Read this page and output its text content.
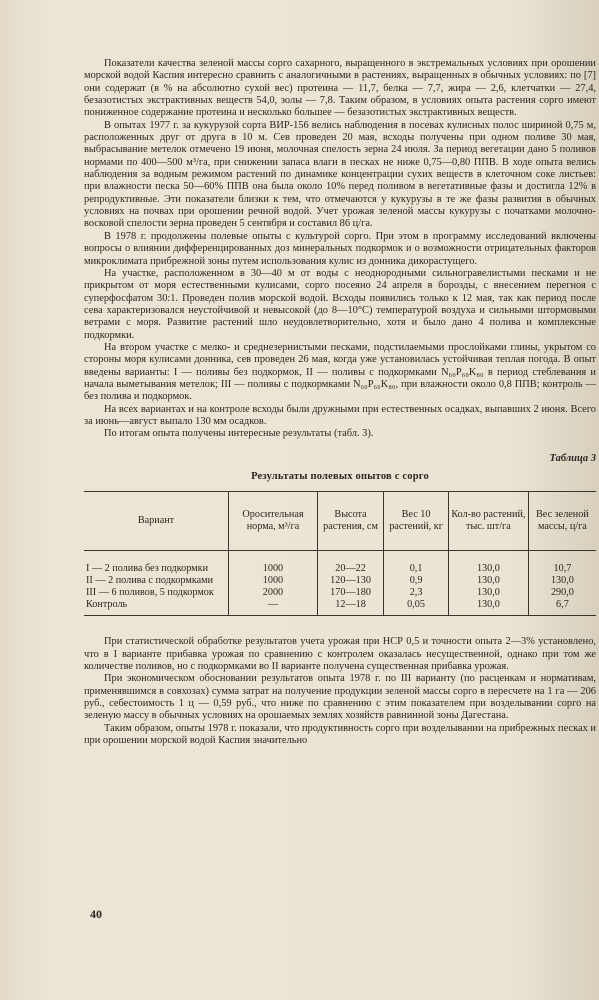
Показатели качества зеленой массы сорго сахарного, выращенного в экстремальных условиях при орошении морской водой Каспия интересно сравнить с аналогичными в растениях, выращенных в обычных условиях: по [7] они содержат (в % на абсолютно сухой вес) протеина — 11,7, белка — 7,7, жира — 2,6, клетчатки — 27,4, безазотистых экстрактивных веществ 54,0, золы — 7,8. Таким образом, в условиях опыта растения сорго имеют пониженное содержание протеина и несколько большее — безазотистых экстрактивных веществ.

В опытах 1977 г. за кукурузой сорта ВИР-156 велись наблюдения в посевах кулисных полос шириной 0,75 м, расположенных друг от друга в 10 м. Сев проведен 20 мая, всходы получены при одном поливе 30 мая, выбрасывание метелок отмечено 19 июня, молочная спелость зерна 24 июля. За период вегетации дано 5 поливов нормами по 400—500 м³/га, при снижении запаса влаги в песках не ниже 0,75—0,80 ППВ. В ходе опыта велись наблюдения за водным режимом растений по динамике концентрации сухих веществ в клеточном соке листьев: при влажности песка 50—60% ППВ она была около 10% перед поливом в вегетативные фазы и достигла 12% в репродуктивные. Эти показатели близки к тем, что отмечаются у кукурузы в те же фазы развития в обычных условиях на почвах при орошении речной водой. Учет урожая зеленой массы кукурузы с початками молочно-восковой спелости зерна проведен 5 сентября и составил 86 ц/га.

В 1978 г. продолжены полевые опыты с культурой сорго. При этом в программу исследований включены вопросы о влиянии дифференцированных доз минеральных подкормок и о возможности отрицательных факторов микроклимата прибрежной зоны путем использования кулис из донника дикорастущего.

На участке, расположенном в 30—40 м от воды с неоднородными сильногравелистыми песками и не прикрытом от моря естественными кулисами, сорго посеяно 24 апреля в борозды, с внесением перегноя с суперфосфатом 30:1. Проведен полив морской водой. Всходы появились только к 12 мая, так как период после сева характеризовался неустойчивой и невысокой (до 8—10°С) температурой воздуха и сильными штормовыми ветрами с моря. Развитие растений шло неудовлетворительно, хотя и было дано 4 полива и комплексные подкормки.

На втором участке с мелко- и среднезернистыми песками, подстилаемыми прослойками глины, укрытом со стороны моря кулисами донника, сев проведен 26 мая, когда уже установилась устойчивая теплая погода. В опыт введены варианты: I — поливы без подкормок, II — поливы с подкормками N₆₀P₆₀K₈₀ в период стеблевания и начала выметывания метелок; III — поливы с подкормками N₆₀P₆₀K₈₀, при влажности около 0,8 ППВ; контроль — без полива и подкормок.

На всех вариантах и на контроле всходы были дружными при естественных осадках, выпавших 2 июня. Всего за июнь—август выпало 130 мм осадков.

По итогам опыта получены интересные результаты (табл. 3).

Таблица 3
Результаты полевых опытов с сорго
Вариант	Оросительная норма, м³/га	Высота растения, см	Вес 10 растений, кг	Кол-во растений, тыс. шт/га	Вес зеленой массы, ц/га

I — 2 полива без подкормки	1000	20—22	0,1	130,0	10,7
II — 2 полива с подкормками	1000	120—130	0,9	130,0	130,0
III — 6 поливов, 5 подкормок	2000	170—180	2,3	130,0	290,0
Контроль	—	12—18	0,05	130,0	6,7

При статистической обработке результатов учета урожая при НСР 0,5 и точности опыта 2—3% установлено, что в I варианте прибавка урожая по сравнению с контролем оказалась несущественной, однако при том же количестве поливов, но с подкормками во II варианте получена существенная прибавка урожая.

При экономическом обосновании результатов опыта 1978 г. по III варианту (по расценкам и нормативам, применявшимся в совхозах) сумма затрат на получение продукции зеленой массы сорго в пересчете на 1 га — 206 руб., себестоимость 1 ц — 0,59 руб., что ниже по сравнению с этим показателем при возделывании сорго на зеленую массу в обычных условиях на орошаемых землях хозяйств равнинной зоны Дагестана.

Таким образом, опыты 1978 г. показали, что продуктивность сорго при возделывании на прибрежных песках и при орошении морской водой Каспия значительно

40
